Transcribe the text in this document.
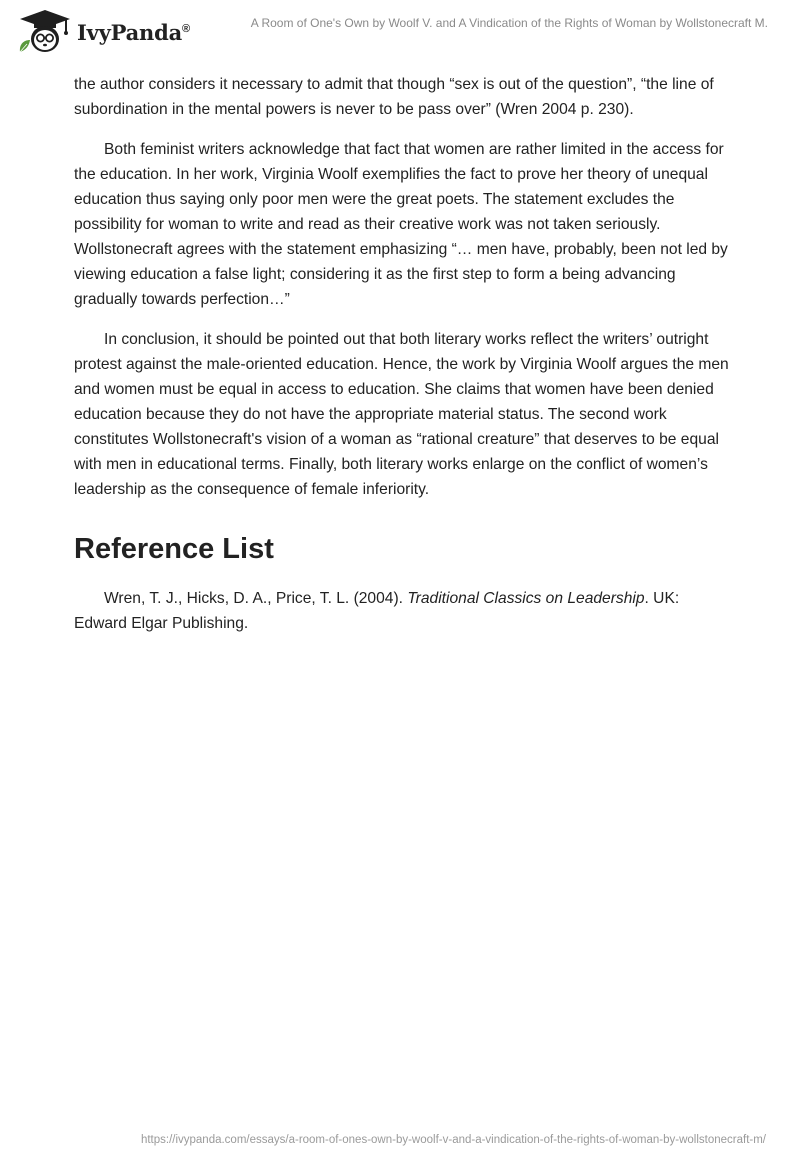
IvyPanda®	A Room of One's Own by Woolf V. and A Vindication of the Rights of Woman by Wollstonecraft M.

the author considers it necessary to admit that though “sex is out of the question”, “the line of subordination in the mental powers is never to be pass over” (Wren 2004 p. 230).

Both feminist writers acknowledge that fact that women are rather limited in the access for the education. In her work, Virginia Woolf exemplifies the fact to prove her theory of unequal education thus saying only poor men were the great poets. The statement excludes the possibility for woman to write and read as their creative work was not taken seriously. Wollstonecraft agrees with the statement emphasizing “… men have, probably, been not led by viewing education a false light; considering it as the first step to form a being advancing gradually towards perfection…”

In conclusion, it should be pointed out that both literary works reflect the writers’ outright protest against the male-oriented education. Hence, the work by Virginia Woolf argues the men and women must be equal in access to education. She claims that women have been denied education because they do not have the appropriate material status. The second work constitutes Wollstonecraft's vision of a woman as “rational creature” that deserves to be equal with men in educational terms. Finally, both literary works enlarge on the conflict of women’s leadership as the consequence of female inferiority.

Reference List

Wren, T. J., Hicks, D. A., Price, T. L. (2004). Traditional Classics on Leadership. UK: Edward Elgar Publishing.

https://ivypanda.com/essays/a-room-of-ones-own-by-woolf-v-and-a-vindication-of-the-rights-of-woman-by-wollstonecraft-m/
